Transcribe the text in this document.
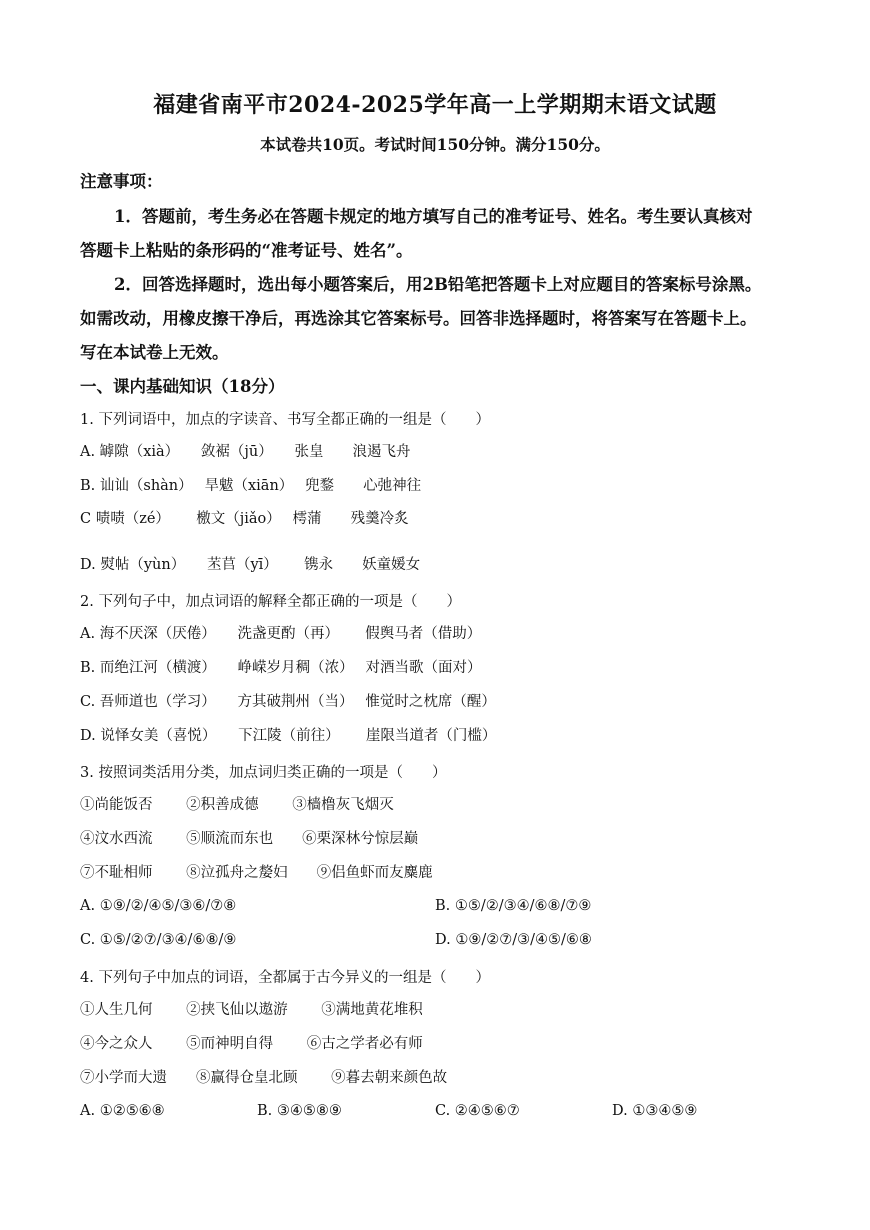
福建省南平市2024-2025学年高一上学期期末语文试题
本试卷共10页。考试时间150分钟。满分150分。
注意事项：
1．答题前，考生务必在答题卡规定的地方填写自己的准考证号、姓名。考生要认真核对
答题卡上粘贴的条形码的“准考证号、姓名”。
2．回答选择题时，选出每小题答案后，用2B铅笔把答题卡上对应题目的答案标号涂黑。
如需改动，用橡皮擦干净后，再选涂其它答案标号。回答非选择题时，将答案写在答题卡上。
写在本试卷上无效。
一、课内基础知识（18分）
1. 下列词语中，加点的字读音、书写全都正确的一组是（　　）
A. 罅隙（xià）　　敛裾（jū）　　张皇　　浪遏飞舟
B. 讪讪（shàn）　 旱魃（xiān）　 兜鍪　　心弛神往
C 啧啧（zé）　　 檄文（jiǎo）　 樗蒲　　残羹冷炙
D. 熨帖（yùn）　　苤苢（yī）　　 镌永　　妖童媛女
2. 下列句子中，加点词语的解释全都正确的一项是（　　）
A. 海不厌深（厌倦）　　洗盏更酌（再）　　 假舆马者（借助）
B. 而绝江河（横渡）　　峥嵘岁月稠（浓）　 对酒当歌（面对）
C. 吾师道也（学习）　　方其破荆州（当）　 惟觉时之枕席（醒）
D. 说怿女美（喜悦）　　下江陵（前往）　　 崖限当道者（门槛）
3. 按照词类活用分类，加点词归类正确的一项是（　　）
①尚能饭否　　 ②积善成德　　 ③樯橹灰飞烟灭
④汶水西流　　 ⑤顺流而东也　　⑥栗深林兮惊层巅
⑦不耻相师　　 ⑧泣孤舟之嫠妇　　⑨侣鱼虾而友麋鹿
A. ①⑨/②/④⑤/③⑥/⑦⑧	B. ①⑤/②/③④/⑥⑧/⑦⑨
C. ①⑤/②⑦/③④/⑥⑧/⑨	D. ①⑨/②⑦/③/④⑤/⑥⑧
4. 下列句子中加点的词语，全都属于古今异义的一组是（　　）
①人生几何　　 ②挟飞仙以遨游　　 ③满地黄花堆积
④今之众人　　 ⑤而神明自得　　 ⑥古之学者必有师
⑦小学而大遗　　⑧赢得仓皇北顾　　 ⑨暮去朝来颜色故
A. ①②⑤⑥⑧	B. ③④⑤⑧⑨	C. ②④⑤⑥⑦	D. ①③④⑤⑨
